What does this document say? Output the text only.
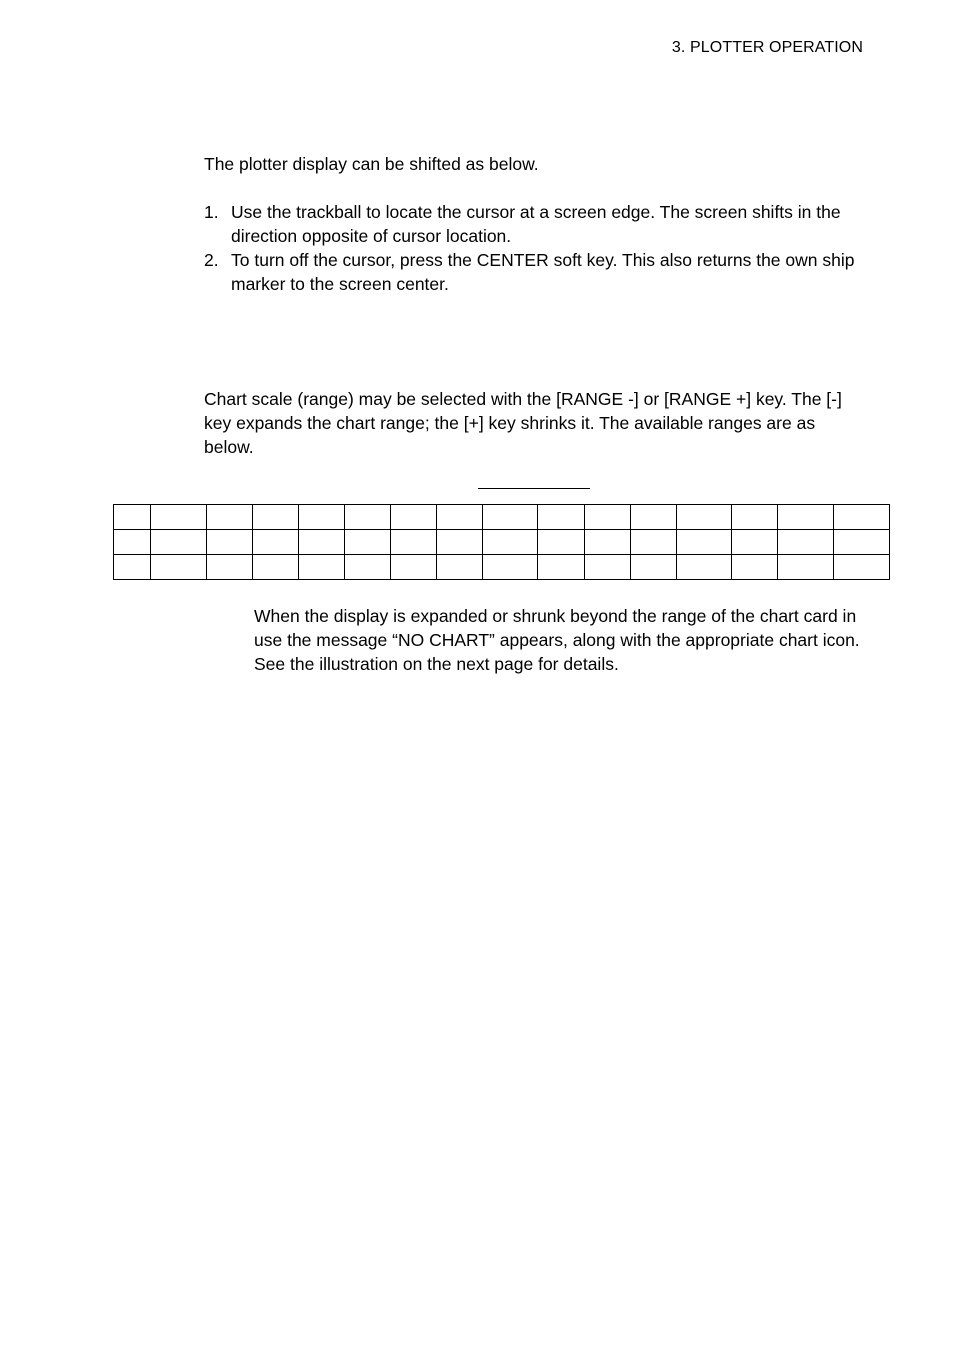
3. PLOTTER OPERATION

The plotter display can be shifted as below.

1. Use the trackball to locate the cursor at a screen edge. The screen shifts in the direction opposite of cursor location.
2. To turn off the cursor, press the CENTER soft key. This also returns the own ship marker to the screen center.

Chart scale (range) may be selected with the [RANGE -] or [RANGE +] key. The [-] key expands the chart range; the [+] key shrinks it. The available ranges are as below.

When the display is expanded or shrunk beyond the range of the chart card in use the message “NO CHART” appears, along with the appropriate chart icon. See the illustration on the next page for details.
